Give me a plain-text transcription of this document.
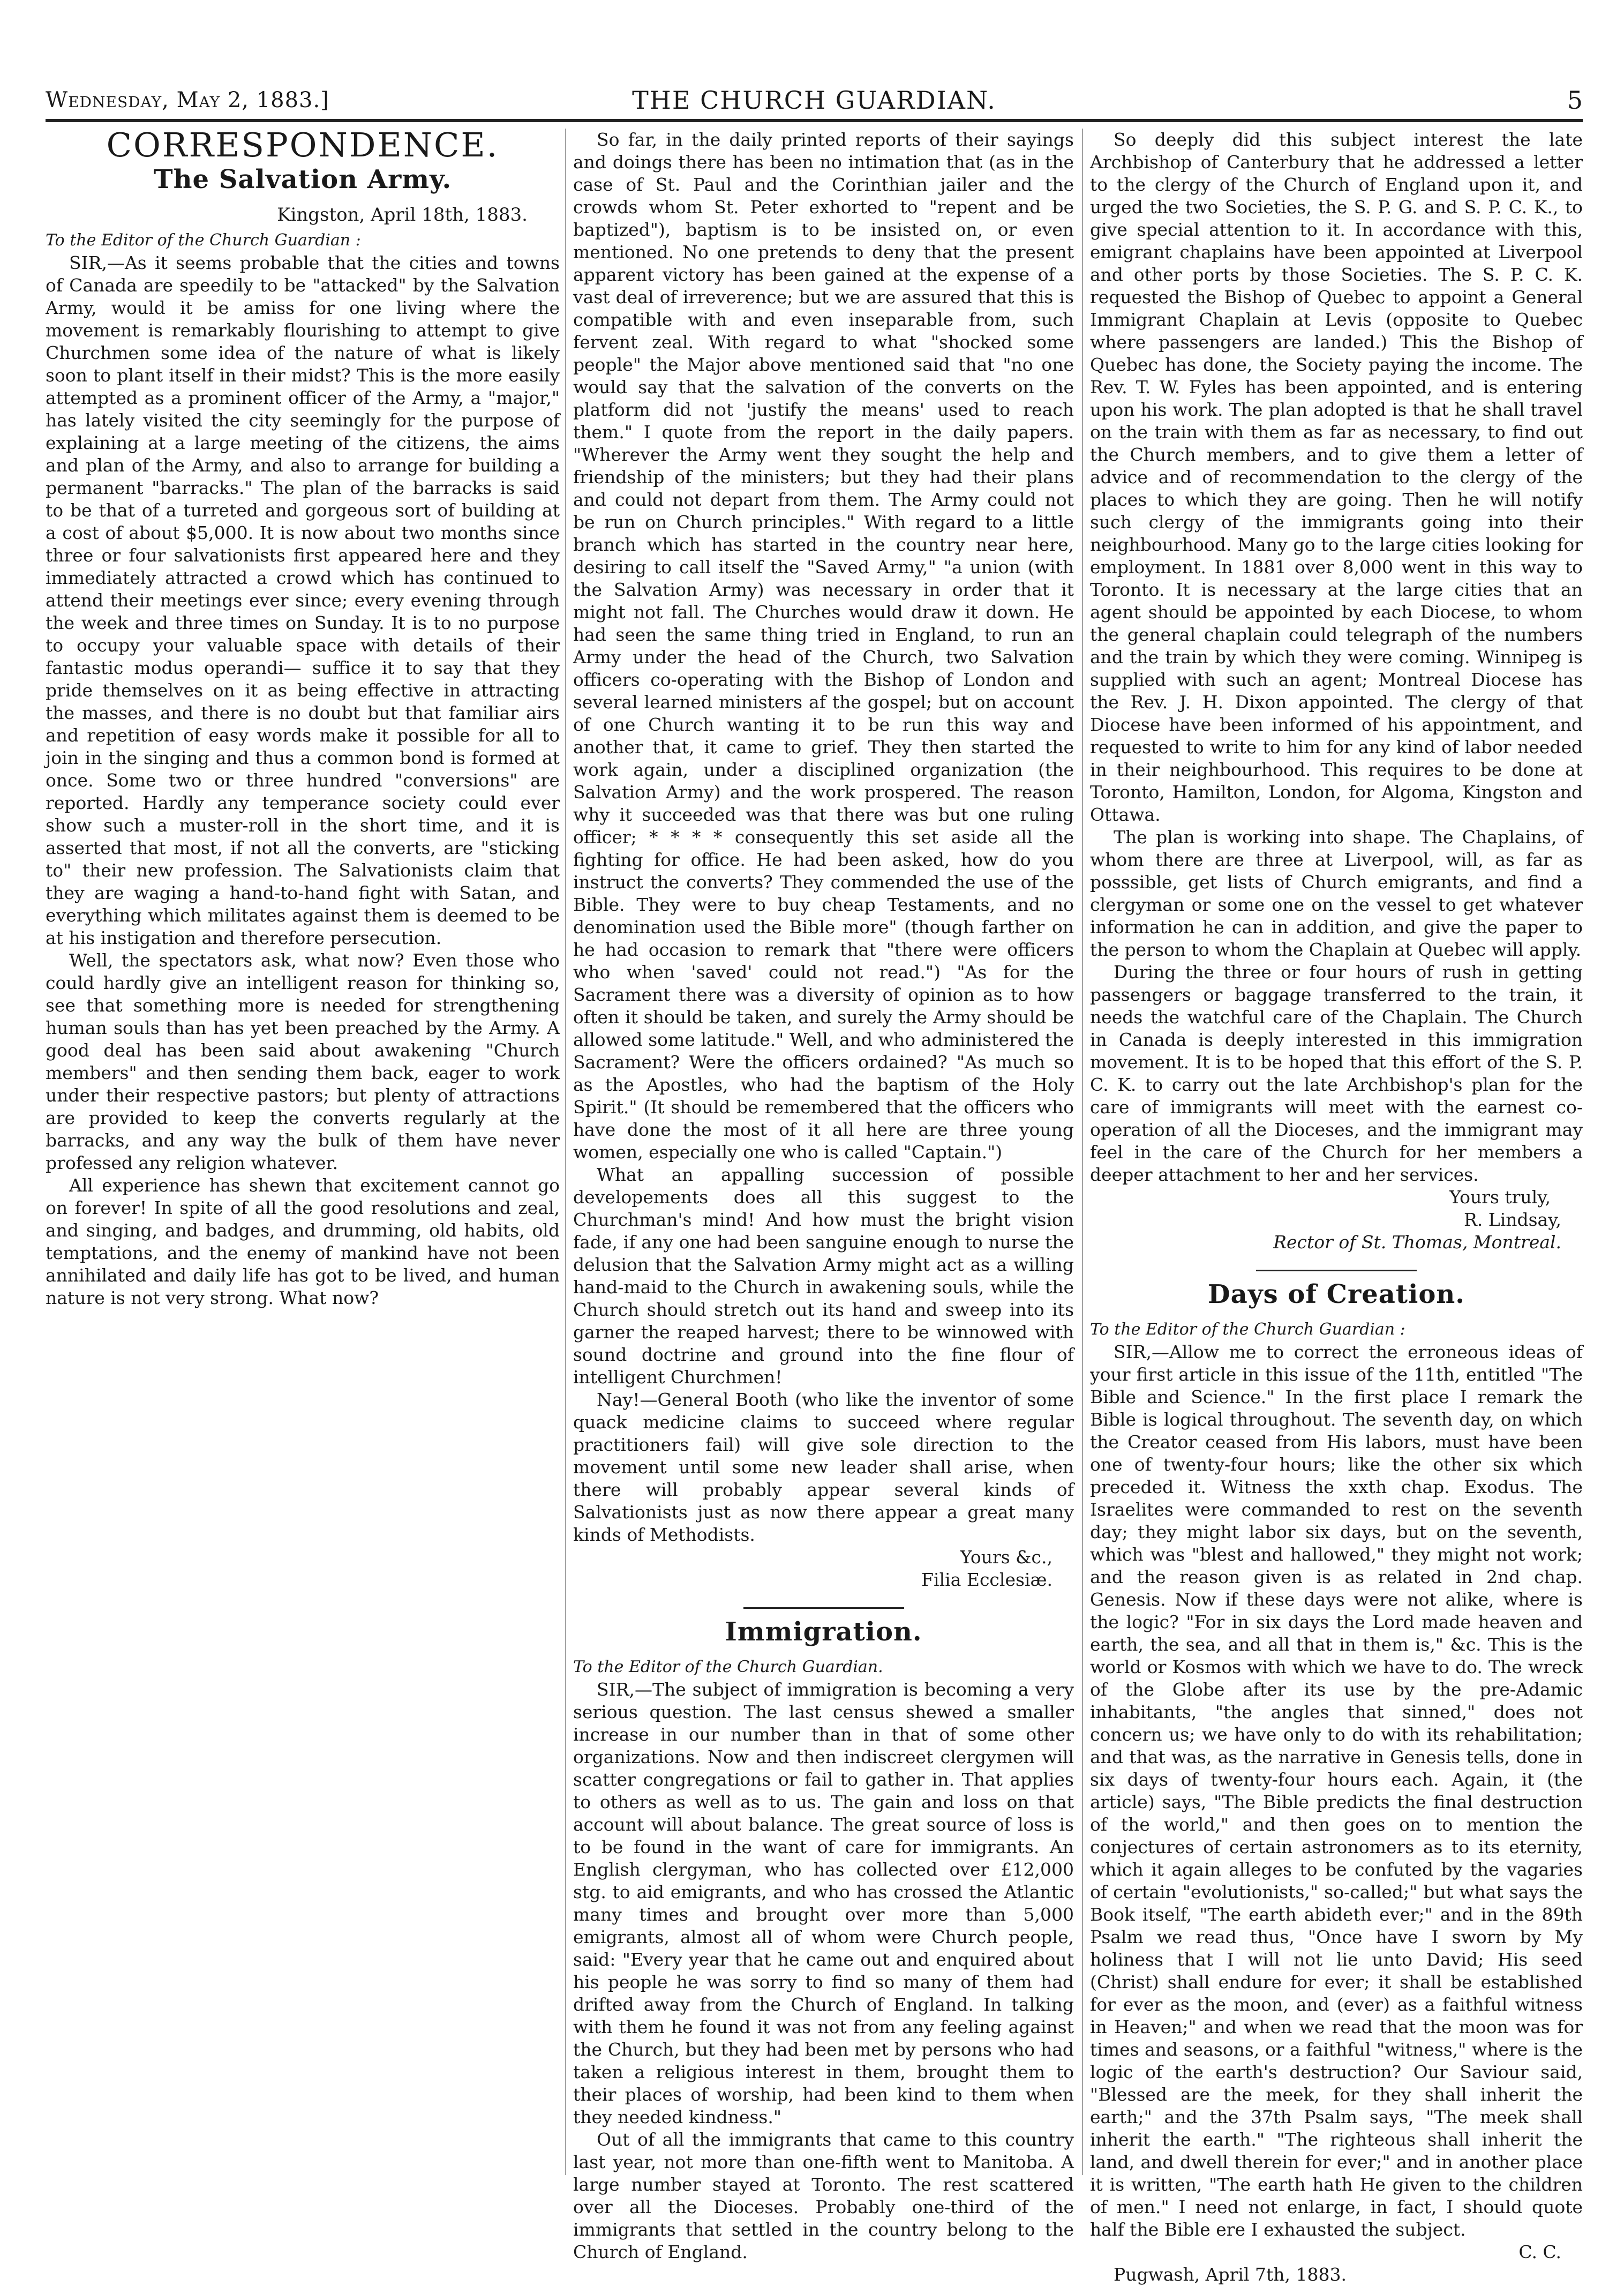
Wednesday, May 2, 1883.]	THE CHURCH GUARDIAN.	5
CORRESPONDENCE.
The Salvation Army.
Kingston, April 18th, 1883.

To the Editor of the Church Guardian :

SIR,—As it seems probable that the cities and towns of Canada are speedily to be "attacked" by the Salvation Army, would it be amiss for one living where the movement is remarkably flourishing to attempt to give Churchmen some idea of the nature of what is likely soon to plant itself in their midst? This is the more easily attempted as a prominent officer of the Army, a "major," has lately visited the city seemingly for the purpose of explaining at a large meeting of the citizens, the aims and plan of the Army, and also to arrange for building a permanent "barracks." The plan of the barracks is said to be that of a turreted and gorgeous sort of building at a cost of about $5,000. It is now about two months since three or four salvationists first appeared here and they immediately attracted a crowd which has continued to attend their meetings ever since; every evening through the week and three times on Sunday. It is to no purpose to occupy your valuable space with details of their fantastic modus operandi— suffice it to say that they pride themselves on it as being effective in attracting the masses, and there is no doubt but that familiar airs and repetition of easy words make it possible for all to join in the singing and thus a common bond is formed at once. Some two or three hundred "conversions" are reported. Hardly any temperance society could ever show such a muster-roll in the short time, and it is asserted that most, if not all the converts, are "sticking to" their new profession. The Salvationists claim that they are waging a hand-to-hand fight with Satan, and everything which militates against them is deemed to be at his instigation and therefore persecution.

Well, the spectators ask, what now? Even those who could hardly give an intelligent reason for thinking so, see that something more is needed for strengthening human souls than has yet been preached by the Army. A good deal has been said about awakening "Church members" and then sending them back, eager to work under their respective pastors; but plenty of attractions are provided to keep the converts regularly at the barracks, and any way the bulk of them have never professed any religion whatever.

All experience has shewn that excitement cannot go on forever! In spite of all the good resolutions and zeal, and singing, and badges, and drumming, old habits, old temptations, and the enemy of mankind have not been annihilated and daily life has got to be lived, and human nature is not very strong. What now?

So far, in the daily printed reports of their sayings and doings there has been no intimation that (as in the case of St. Paul and the Corinthian jailer and the crowds whom St. Peter exhorted to "repent and be baptized"), baptism is to be insisted on, or even mentioned. No one pretends to deny that the present apparent victory has been gained at the expense of a vast deal of irreverence; but we are assured that this is compatible with and even inseparable from, such fervent zeal. With regard to what "shocked some people" the Major above mentioned said that "no one would say that the salvation of the converts on the platform did not 'justify the means' used to reach them." I quote from the report in the daily papers. "Wherever the Army went they sought the help and friendship of the ministers; but they had their plans and could not depart from them. The Army could not be run on Church principles." With regard to a little branch which has started in the country near here, desiring to call itself the "Saved Army," "a union (with the Salvation Army) was necessary in order that it might not fall. The Churches would draw it down. He had seen the same thing tried in England, to run an Army under the head of the Church, two Salvation officers co-operating with the Bishop of London and several learned ministers af the gospel; but on account of one Church wanting it to be run this way and another that, it came to grief. They then started the work again, under a disciplined organization (the Salvation Army) and the work prospered. The reason why it succeeded was that there was but one ruling officer; * * * * consequently this set aside all the fighting for office. He had been asked, how do you instruct the converts? They commended the use of the Bible. They were to buy cheap Testaments, and no denomination used the Bible more" (though farther on he had occasion to remark that "there were officers who when 'saved' could not read.") "As for the Sacrament there was a diversity of opinion as to how often it should be taken, and surely the Army should be allowed some latitude." Well, and who administered the Sacrament? Were the officers ordained? "As much so as the Apostles, who had the baptism of the Holy Spirit." (It should be remembered that the officers who have done the most of it all here are three young women, especially one who is called "Captain.")

What an appalling succession of possible developements does all this suggest to the Churchman's mind! And how must the bright vision fade, if any one had been sanguine enough to nurse the delusion that the Salvation Army might act as a willing hand-maid to the Church in awakening souls, while the Church should stretch out its hand and sweep into its garner the reaped harvest; there to be winnowed with sound doctrine and ground into the fine flour of intelligent Churchmen!

Nay!—General Booth (who like the inventor of some quack medicine claims to succeed where regular practitioners fail) will give sole direction to the movement until some new leader shall arise, when there will probably appear several kinds of Salvationists just as now there appear a great many kinds of Methodists.

Yours &c.,

Filia Ecclesiæ.

Immigration.

To the Editor of the Church Guardian.

SIR,—The subject of immigration is becoming a very serious question. The last census shewed a smaller increase in our number than in that of some other organizations. Now and then indiscreet clergymen will scatter congregations or fail to gather in. That applies to others as well as to us. The gain and loss on that account will about balance. The great source of loss is to be found in the want of care for immigrants. An English clergyman, who has collected over £12,000 stg. to aid emigrants, and who has crossed the Atlantic many times and brought over more than 5,000 emigrants, almost all of whom were Church people, said: "Every year that he came out and enquired about his people he was sorry to find so many of them had drifted away from the Church of England. In talking with them he found it was not from any feeling against the Church, but they had been met by persons who had taken a religious interest in them, brought them to their places of worship, had been kind to them when they needed kindness."

Out of all the immigrants that came to this country last year, not more than one-fifth went to Manitoba. A large number stayed at Toronto. The rest scattered over all the Dioceses. Probably one-third of the immigrants that settled in the country belong to the Church of England.

So deeply did this subject interest the late Archbishop of Canterbury that he addressed a letter to the clergy of the Church of England upon it, and urged the two Societies, the S. P. G. and S. P. C. K., to give special attention to it. In accordance with this, emigrant chaplains have been appointed at Liverpool and other ports by those Societies. The S. P. C. K. requested the Bishop of Quebec to appoint a General Immigrant Chaplain at Levis (opposite to Quebec where passengers are landed.) This the Bishop of Quebec has done, the Society paying the income. The Rev. T. W. Fyles has been appointed, and is entering upon his work. The plan adopted is that he shall travel on the train with them as far as necessary, to find out the Church members, and to give them a letter of advice and of recommendation to the clergy of the places to which they are going. Then he will notify such clergy of the immigrants going into their neighbourhood. Many go to the large cities looking for employment. In 1881 over 8,000 went in this way to Toronto. It is necessary at the large cities that an agent should be appointed by each Diocese, to whom the general chaplain could telegraph of the numbers and the train by which they were coming. Winnipeg is supplied with such an agent; Montreal Diocese has the Rev. J. H. Dixon appointed. The clergy of that Diocese have been informed of his appointment, and requested to write to him for any kind of labor needed in their neighbourhood. This requires to be done at Toronto, Hamilton, London, for Algoma, Kingston and Ottawa.

The plan is working into shape. The Chaplains, of whom there are three at Liverpool, will, as far as posssible, get lists of Church emigrants, and find a clergyman or some one on the vessel to get whatever information he can in addition, and give the paper to the person to whom the Chaplain at Quebec will apply.

During the three or four hours of rush in getting passengers or baggage transferred to the train, it needs the watchful care of the Chaplain. The Church in Canada is deeply interested in this immigration movement. It is to be hoped that this effort of the S. P. C. K. to carry out the late Archbishop's plan for the care of immigrants will meet with the earnest co-operation of all the Dioceses, and the immigrant may feel in the care of the Church for her members a deeper attachment to her and her services.

Yours truly,

R. Lindsay,

Rector of St. Thomas, Montreal.

Days of Creation.

To the Editor of the Church Guardian :

SIR,—Allow me to correct the erroneous ideas of your first article in this issue of the 11th, entitled "The Bible and Science." In the first place I remark the Bible is logical throughout. The seventh day, on which the Creator ceased from His labors, must have been one of twenty-four hours; like the other six which preceded it. Witness the xxth chap. Exodus. The Israelites were commanded to rest on the seventh day; they might labor six days, but on the seventh, which was "blest and hallowed," they might not work; and the reason given is as related in 2nd chap. Genesis. Now if these days were not alike, where is the logic? "For in six days the Lord made heaven and earth, the sea, and all that in them is," &c. This is the world or Kosmos with which we have to do. The wreck of the Globe after its use by the pre-Adamic inhabitants, "the angles that sinned," does not concern us; we have only to do with its rehabilitation; and that was, as the narrative in Genesis tells, done in six days of twenty-four hours each. Again, it (the article) says, "The Bible predicts the final destruction of the world," and then goes on to mention the conjectures of certain astronomers as to its eternity, which it again alleges to be confuted by the vagaries of certain "evolutionists," so-called;" but what says the Book itself, "The earth abideth ever;" and in the 89th Psalm we read thus, "Once have I sworn by My holiness that I will not lie unto David; His seed (Christ) shall endure for ever; it shall be established for ever as the moon, and (ever) as a faithful witness in Heaven;" and when we read that the moon was for times and seasons, or a faithful "witness," where is the logic of the earth's destruction? Our Saviour said, "Blessed are the meek, for they shall inherit the earth;" and the 37th Psalm says, "The meek shall inherit the earth." "The righteous shall inherit the land, and dwell therein for ever;" and in another place it is written, "The earth hath He given to the children of men." I need not enlarge, in fact, I should quote half the Bible ere I exhausted the subject.

C. C.

Pugwash, April 7th, 1883.
